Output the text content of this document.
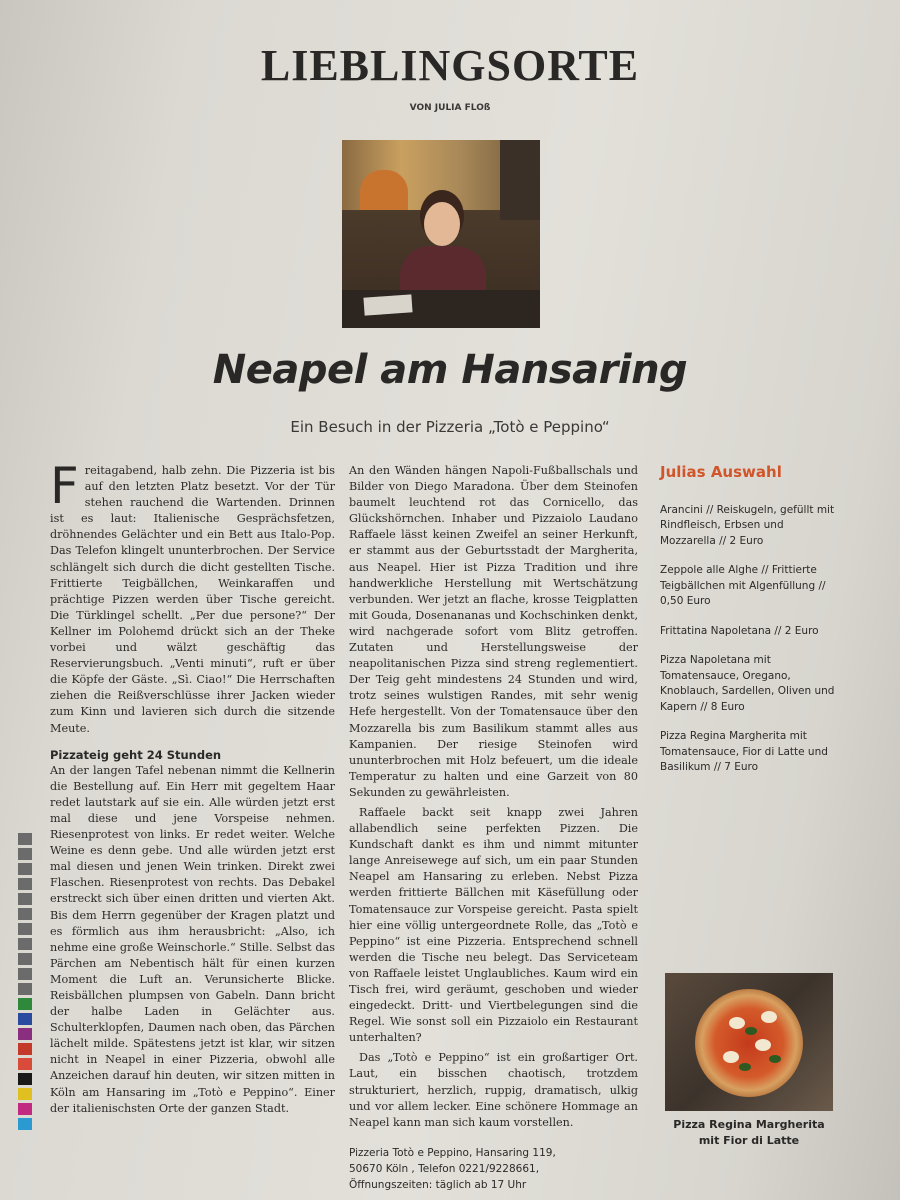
LIEBLINGSORTE
VON JULIA FLOß
Neapel am Hansaring
Ein Besuch in der Pizzeria „Totò e Peppino“

Freitagabend, halb zehn. Die Pizzeria ist bis auf den letzten Platz besetzt. Vor der Tür stehen rauchend die Wartenden. Drinnen ist es laut: Italienische Gesprächsfetzen, dröhnendes Gelächter und ein Bett aus Italo-Pop. Das Telefon klingelt ununterbrochen. Der Service schlängelt sich durch die dicht gestellten Tische. Frittierte Teigbällchen, Weinkaraffen und prächtige Pizzen werden über Tische gereicht. Die Türklingel schellt. „Per due persone?“ Der Kellner im Polohemd drückt sich an der Theke vorbei und wälzt geschäftig das Reservierungsbuch. „Venti minuti“, ruft er über die Köpfe der Gäste. „Sì. Ciao!“ Die Herrschaften ziehen die Reißverschlüsse ihrer Jacken wieder zum Kinn und lavieren sich durch die sitzende Meute.

Pizzateig geht 24 Stunden

An der langen Tafel nebenan nimmt die Kellnerin die Bestellung auf. Ein Herr mit gegeltem Haar redet lautstark auf sie ein. Alle würden jetzt erst mal diese und jene Vorspeise nehmen. Riesenprotest von links. Er redet weiter. Welche Weine es denn gebe. Und alle würden jetzt erst mal diesen und jenen Wein trinken. Direkt zwei Flaschen. Riesenprotest von rechts. Das Debakel erstreckt sich über einen dritten und vierten Akt. Bis dem Herrn gegenüber der Kragen platzt und es förmlich aus ihm herausbricht: „Also, ich nehme eine große Weinschorle.“ Stille. Selbst das Pärchen am Nebentisch hält für einen kurzen Moment die Luft an. Verunsicherte Blicke. Reisbällchen plumpsen von Gabeln. Dann bricht der halbe Laden in Gelächter aus. Schulterklopfen, Daumen nach oben, das Pärchen lächelt milde. Spätestens jetzt ist klar, wir sitzen nicht in Neapel in einer Pizzeria, obwohl alle Anzeichen darauf hin deuten, wir sitzen mitten in Köln am Hansaring im „Totò e Peppino“. Einer der italienischsten Orte der ganzen Stadt.

An den Wänden hängen Napoli-Fußballschals und Bilder von Diego Maradona. Über dem Steinofen baumelt leuchtend rot das Cornicello, das Glückshörnchen. Inhaber und Pizzaiolo Laudano Raffaele lässt keinen Zweifel an seiner Herkunft, er stammt aus der Geburtsstadt der Margherita, aus Neapel. Hier ist Pizza Tradition und ihre handwerkliche Herstellung mit Wertschätzung verbunden. Wer jetzt an flache, krosse Teigplatten mit Gouda, Dosenananas und Kochschinken denkt, wird nachgerade sofort vom Blitz getroffen. Zutaten und Herstellungsweise der neapolitanischen Pizza sind streng reglementiert. Der Teig geht mindestens 24 Stunden und wird, trotz seines wulstigen Randes, mit sehr wenig Hefe hergestellt. Von der Tomatensauce über den Mozzarella bis zum Basilikum stammt alles aus Kampanien. Der riesige Steinofen wird ununterbrochen mit Holz befeuert, um die ideale Temperatur zu halten und eine Garzeit von 80 Sekunden zu gewährleisten.

Raffaele backt seit knapp zwei Jahren allabendlich seine perfekten Pizzen. Die Kundschaft dankt es ihm und nimmt mitunter lange Anreisewege auf sich, um ein paar Stunden Neapel am Hansaring zu erleben. Nebst Pizza werden frittierte Bällchen mit Käsefüllung oder Tomatensauce zur Vorspeise gereicht. Pasta spielt hier eine völlig untergeordnete Rolle, das „Totò e Peppino“ ist eine Pizzeria. Entsprechend schnell werden die Tische neu belegt. Das Serviceteam von Raffaele leistet Unglaubliches. Kaum wird ein Tisch frei, wird geräumt, geschoben und wieder eingedeckt. Dritt- und Viertbelegungen sind die Regel. Wie sonst soll ein Pizzaiolo ein Restaurant unterhalten?

Das „Totò e Peppino“ ist ein großartiger Ort. Laut, ein bisschen chaotisch, trotzdem strukturiert, herzlich, ruppig, dramatisch, ulkig und vor allem lecker. Eine schönere Hommage an Neapel kann man sich kaum vorstellen.

Pizzeria Totò e Peppino, Hansaring 119,
50670 Köln , Telefon 0221/9228661,
Öffnungszeiten: täglich ab 17 Uhr

Julias Auswahl
Arancini // Reiskugeln, gefüllt mit Rindfleisch, Erbsen und Mozzarella // 2 Euro
Zeppole alle Alghe // Frittierte Teigbällchen mit Algenfüllung // 0,50 Euro
Frittatina Napoletana // 2 Euro
Pizza Napoletana mit Tomatensauce, Oregano, Knoblauch, Sardellen, Oliven und Kapern // 8 Euro
Pizza Regina Margherita mit Tomatensauce, Fior di Latte und Basilikum // 7 Euro
Pizza Regina Margherita
mit Fior di Latte
